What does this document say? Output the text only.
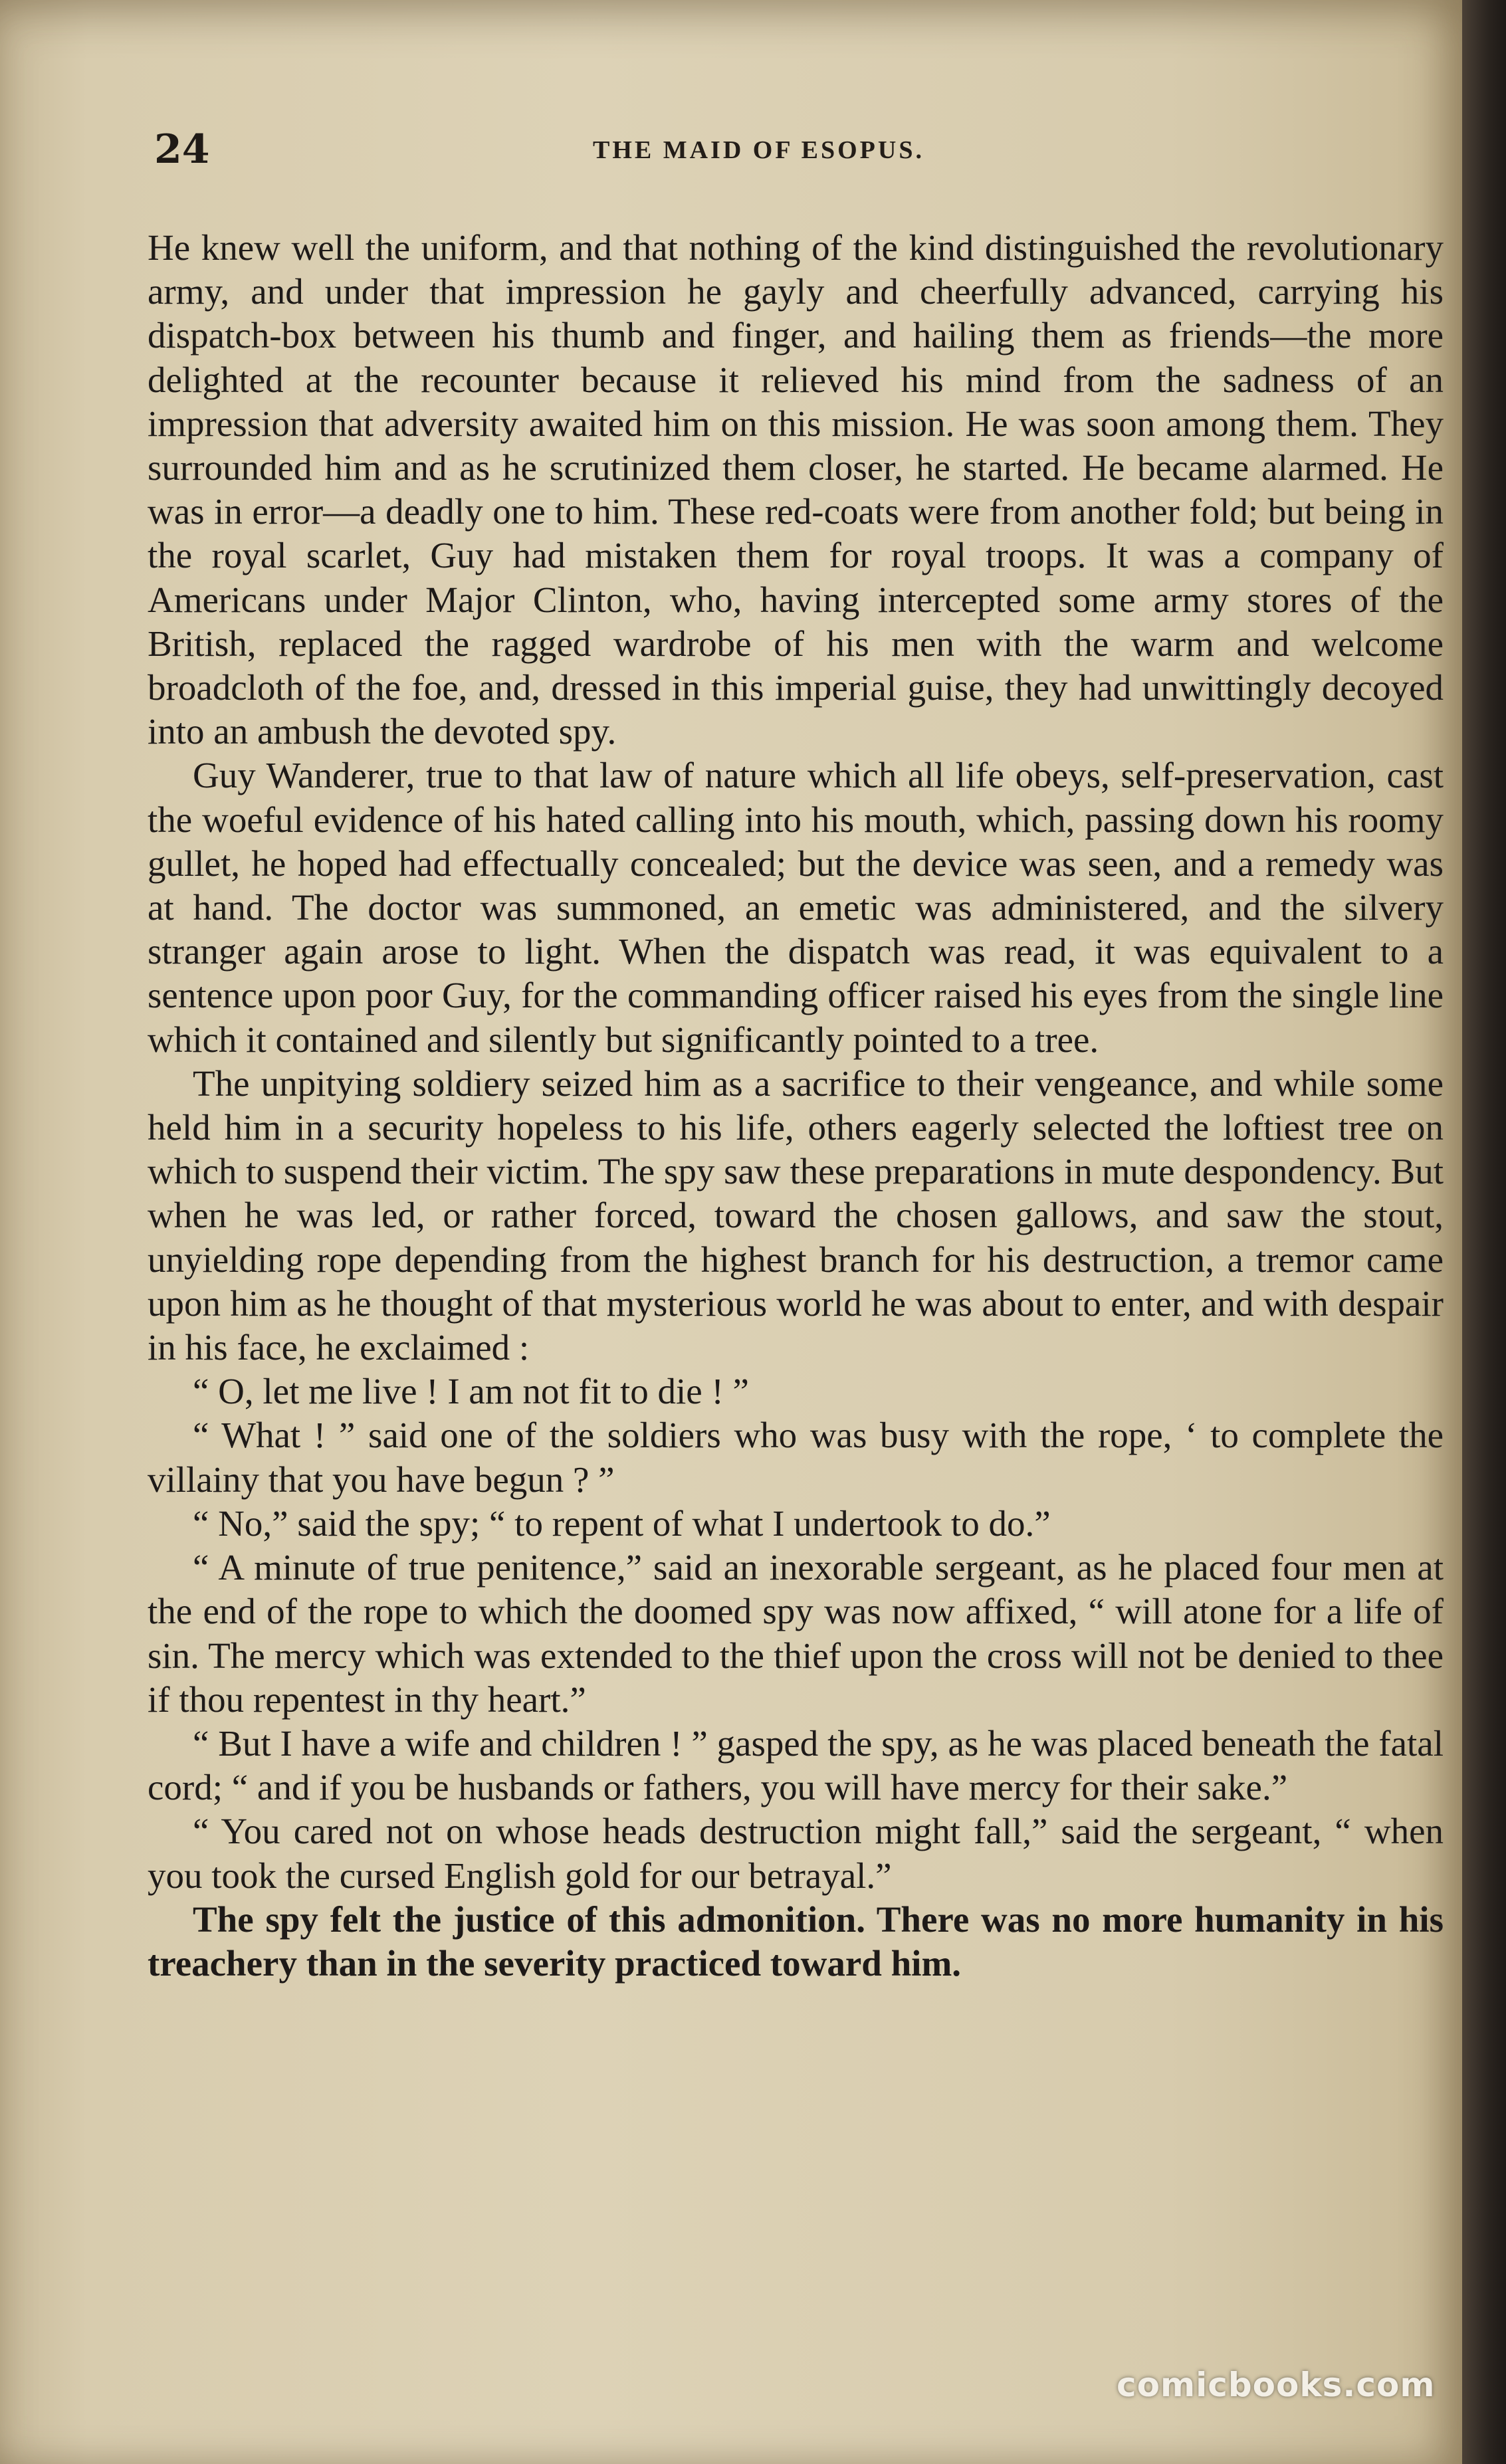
24	THE MAID OF ESOPUS.

He knew well the uniform, and that nothing of the kind distinguished the revolutionary army, and under that impression he gayly and cheerfully advanced, carrying his dispatch-box between his thumb and finger, and hailing them as friends—the more delighted at the recounter because it relieved his mind from the sadness of an impression that adversity awaited him on this mission. He was soon among them. They surrounded him and as he scrutinized them closer, he started. He became alarmed. He was in error—a deadly one to him. These red-coats were from another fold; but being in the royal scarlet, Guy had mistaken them for royal troops. It was a company of Americans under Major Clinton, who, having intercepted some army stores of the British, replaced the ragged wardrobe of his men with the warm and welcome broadcloth of the foe, and, dressed in this imperial guise, they had unwittingly decoyed into an ambush the devoted spy.

Guy Wanderer, true to that law of nature which all life obeys, self-preservation, cast the woeful evidence of his hated calling into his mouth, which, passing down his roomy gullet, he hoped had effectually concealed; but the device was seen, and a remedy was at hand. The doctor was summoned, an emetic was administered, and the silvery stranger again arose to light. When the dispatch was read, it was equivalent to a sentence upon poor Guy, for the commanding officer raised his eyes from the single line which it contained and silently but significantly pointed to a tree.

The unpitying soldiery seized him as a sacrifice to their vengeance, and while some held him in a security hopeless to his life, others eagerly selected the loftiest tree on which to suspend their victim. The spy saw these preparations in mute despondency. But when he was led, or rather forced, toward the chosen gallows, and saw the stout, unyielding rope depending from the highest branch for his destruction, a tremor came upon him as he thought of that mysterious world he was about to enter, and with despair in his face, he exclaimed :

“ O, let me live ! I am not fit to die ! ”

“ What ! ” said one of the soldiers who was busy with the rope, ‘ to complete the villainy that you have begun ? ”

“ No,” said the spy; “ to repent of what I undertook to do.”

“ A minute of true penitence,” said an inexorable sergeant, as he placed four men at the end of the rope to which the doomed spy was now affixed, “ will atone for a life of sin. The mercy which was extended to the thief upon the cross will not be denied to thee if thou repentest in thy heart.”

“ But I have a wife and children ! ” gasped the spy, as he was placed beneath the fatal cord; “ and if you be husbands or fathers, you will have mercy for their sake.”

“ You cared not on whose heads destruction might fall,” said the sergeant, “ when you took the cursed English gold for our betrayal.”

The spy felt the justice of this admonition. There was no more humanity in his treachery than in the severity practiced toward him.

comicbooks.com
